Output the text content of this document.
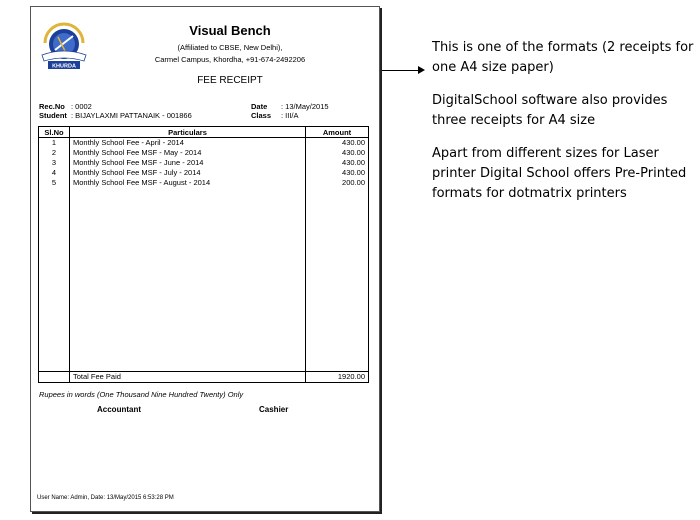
KHURDA
Visual Bench
(Affiliated to CBSE, New Delhi),
Carmel Campus, Khordha, +91-674-2492206
FEE RECEIPT
Rec.No : 0002
Student : BIJAYLAXMI PATTANAIK - 001866
Date : 13/May/2015
Class : III/A
Sl.No	Particulars	Amount
1	Monthly School Fee - April - 2014	430.00
2	Monthly School Fee MSF - May - 2014	430.00
3	Monthly School Fee MSF - June - 2014	430.00
4	Monthly School Fee MSF - July - 2014	430.00
5	Monthly School Fee MSF - August - 2014	200.00

	Total Fee Paid	1920.00
Rupees in words (One Thousand Nine Hundred Twenty) Only
Accountant	Cashier
User Name: Admin, Date: 13/May/2015 6:53:28 PM

This is one of the formats (2 receipts for one A4 size paper)

DigitalSchool software also provides three receipts for A4 size

Apart from different sizes for Laser printer Digital School offers Pre-Printed formats for dotmatrix printers
